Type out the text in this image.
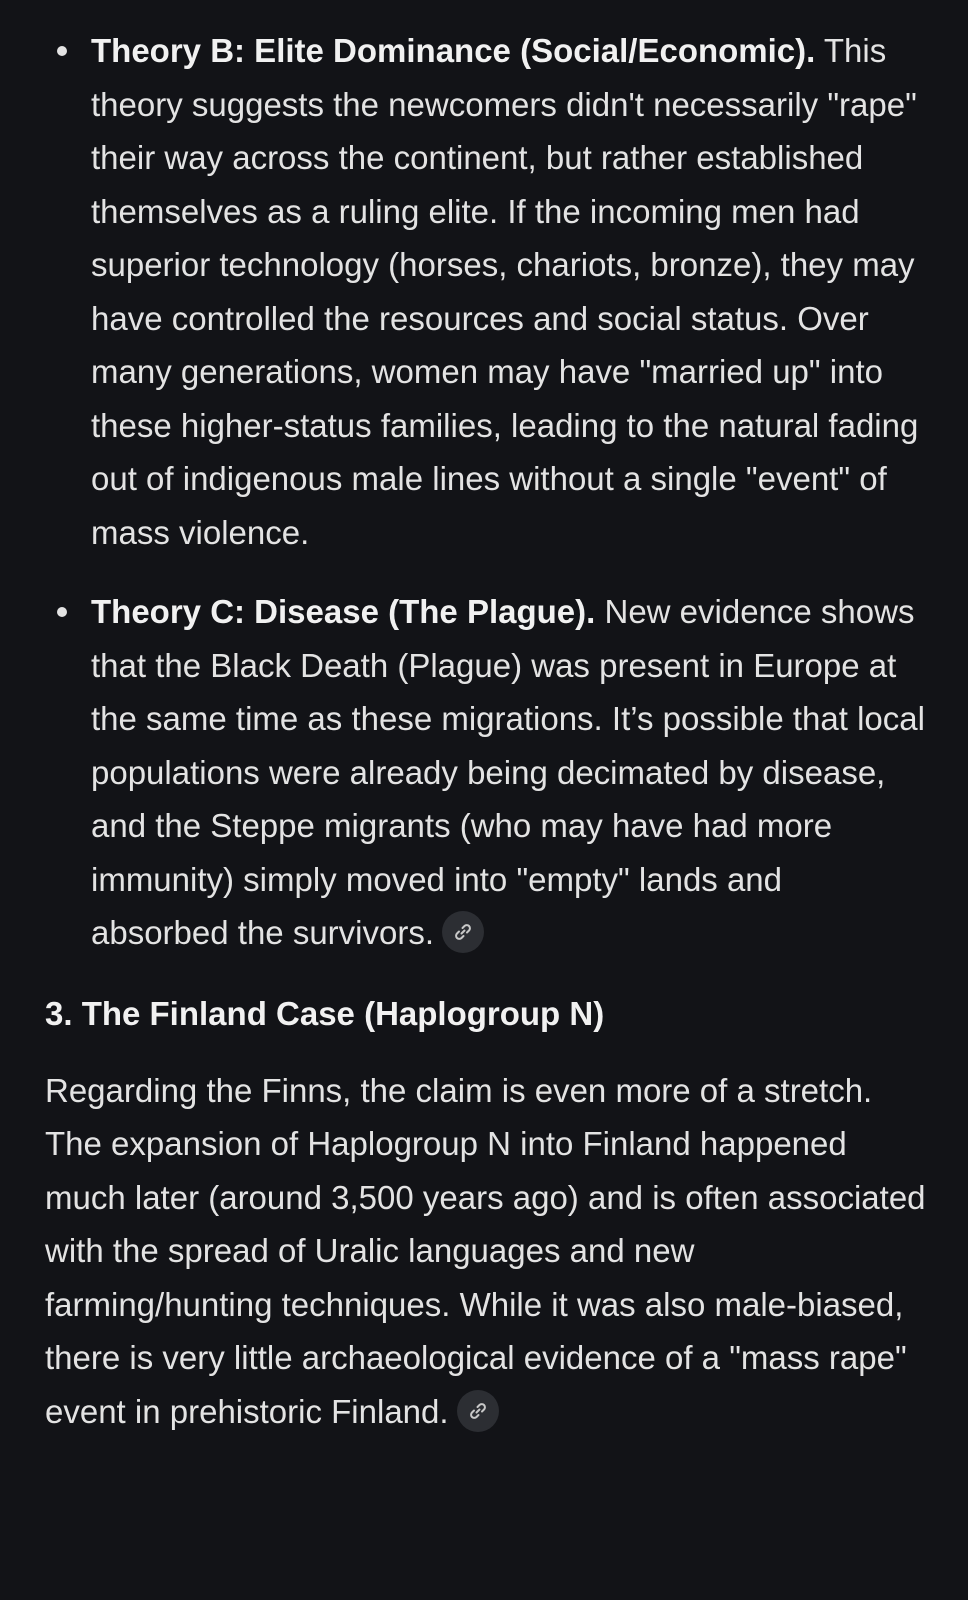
Theory B: Elite Dominance (Social/Economic). This theory suggests the newcomers didn't necessarily "rape" their way across the continent, but rather established themselves as a ruling elite. If the incoming men had superior technology (horses, chariots, bronze), they may have controlled the resources and social status. Over many generations, women may have "married up" into these higher-status families, leading to the natural fading out of indigenous male lines without a single "event" of mass violence.
Theory C: Disease (The Plague). New evidence shows that the Black Death (Plague) was present in Europe at the same time as these migrations. It’s possible that local populations were already being decimated by disease, and the Steppe migrants (who may have had more immunity) simply moved into "empty" lands and absorbed the survivors.
3. The Finland Case (Haplogroup N)

Regarding the Finns, the claim is even more of a stretch. The expansion of Haplogroup N into Finland happened much later (around 3,500 years ago) and is often associated with the spread of Uralic languages and new farming/hunting techniques. While it was also male-biased, there is very little archaeological evidence of a "mass rape" event in prehistoric Finland.
